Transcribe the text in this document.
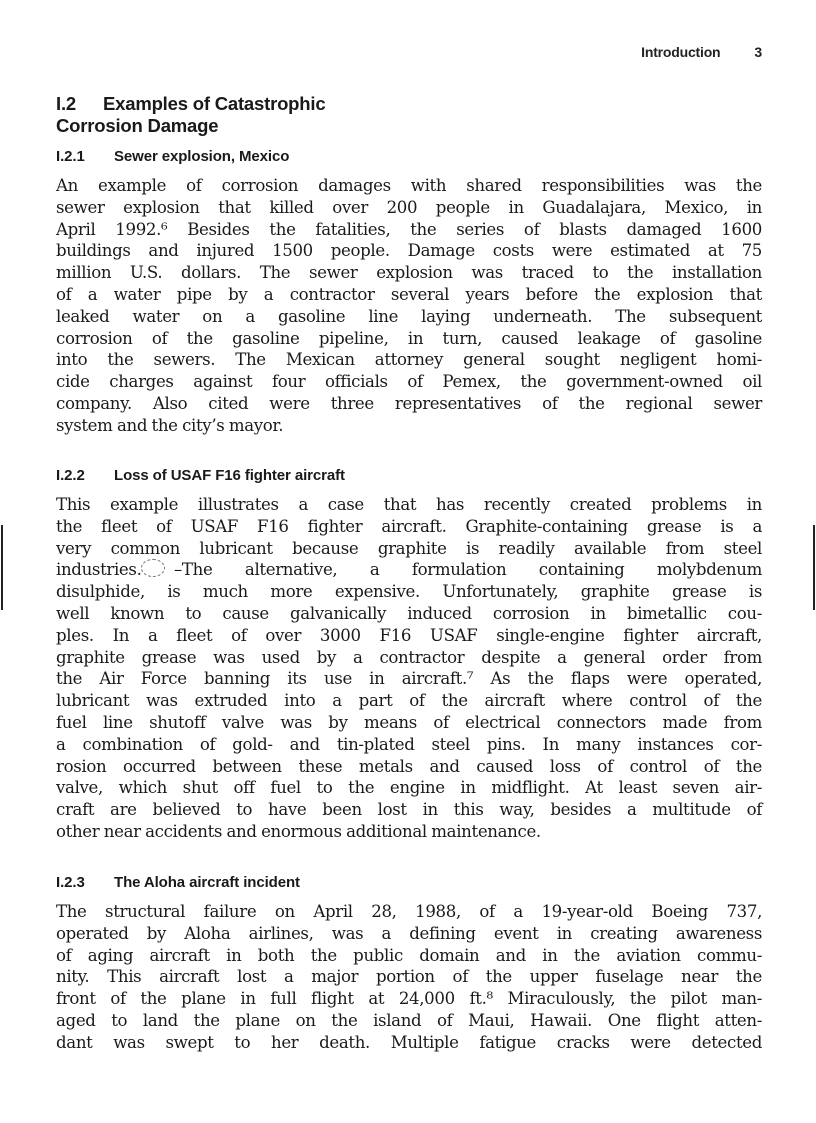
Introduction 3
I.2 Examples of Catastrophic
Corrosion Damage
I.2.1 Sewer explosion, Mexico
An example of corrosion damages with shared responsibilities was the
sewer explosion that killed over 200 people in Guadalajara, Mexico, in
April 1992.⁶ Besides the fatalities, the series of blasts damaged 1600
buildings and injured 1500 people. Damage costs were estimated at 75
million U.S. dollars. The sewer explosion was traced to the installation
of a water pipe by a contractor several years before the explosion that
leaked water on a gasoline line laying underneath. The subsequent
corrosion of the gasoline pipeline, in turn, caused leakage of gasoline
into the sewers. The Mexican attorney general sought negligent homi-
cide charges against four officials of Pemex, the government-owned oil
company. Also cited were three representatives of the regional sewer
system and the city’s mayor.
I.2.2 Loss of USAF F16 fighter aircraft
This example illustrates a case that has recently created problems in
the fleet of USAF F16 fighter aircraft. Graphite-containing grease is a
very common lubricant because graphite is readily available from steel
industries. –The alternative, a formulation containing molybdenum
disulphide, is much more expensive. Unfortunately, graphite grease is
well known to cause galvanically induced corrosion in bimetallic cou-
ples. In a fleet of over 3000 F16 USAF single-engine fighter aircraft,
graphite grease was used by a contractor despite a general order from
the Air Force banning its use in aircraft.⁷ As the flaps were operated,
lubricant was extruded into a part of the aircraft where control of the
fuel line shutoff valve was by means of electrical connectors made from
a combination of gold- and tin-plated steel pins. In many instances cor-
rosion occurred between these metals and caused loss of control of the
valve, which shut off fuel to the engine in midflight. At least seven air-
craft are believed to have been lost in this way, besides a multitude of
other near accidents and enormous additional maintenance.
I.2.3 The Aloha aircraft incident
The structural failure on April 28, 1988, of a 19-year-old Boeing 737,
operated by Aloha airlines, was a defining event in creating awareness
of aging aircraft in both the public domain and in the aviation commu-
nity. This aircraft lost a major portion of the upper fuselage near the
front of the plane in full flight at 24,000 ft.⁸ Miraculously, the pilot man-
aged to land the plane on the island of Maui, Hawaii. One flight atten-
dant was swept to her death. Multiple fatigue cracks were detected
